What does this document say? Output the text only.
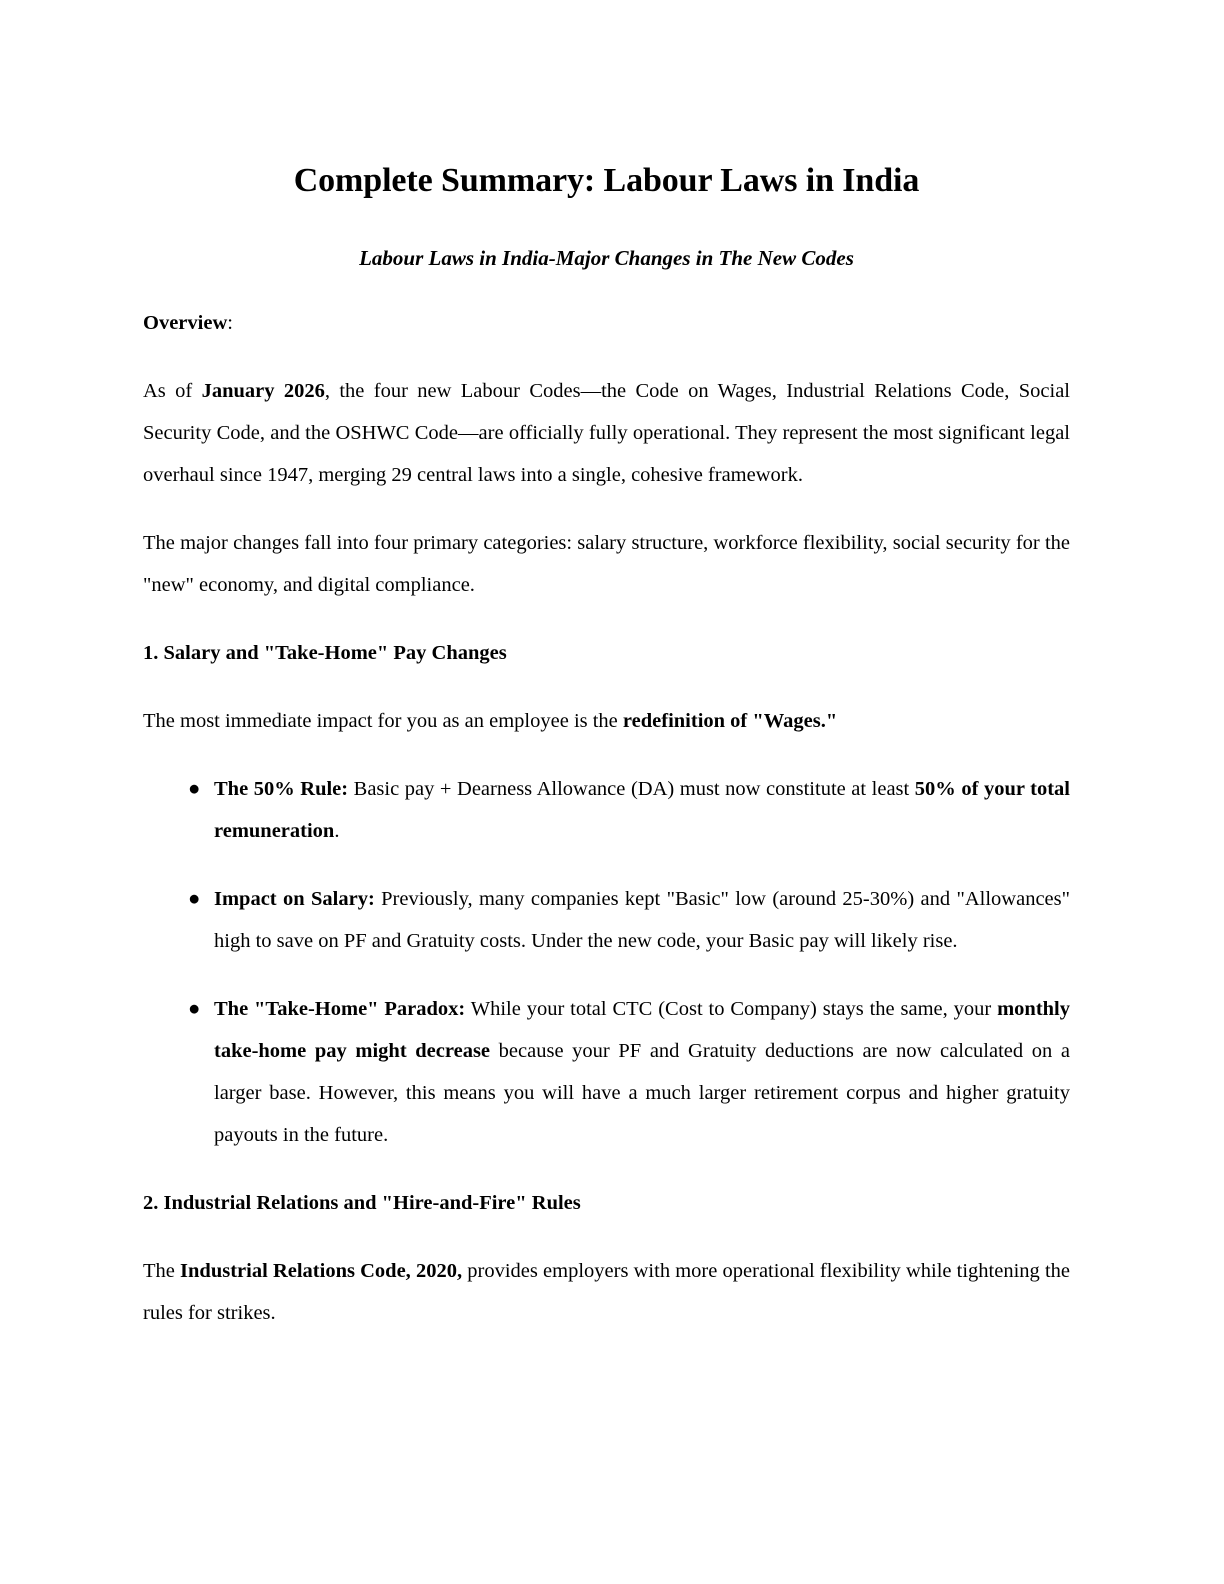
Complete Summary: Labour Laws in India

Labour Laws in India-Major Changes in The New Codes

Overview:

As of January 2026, the four new Labour Codes—the Code on Wages, Industrial Relations Code, Social Security Code, and the OSHWC Code—are officially fully operational. They represent the most significant legal overhaul since 1947, merging 29 central laws into a single, cohesive framework.

The major changes fall into four primary categories: salary structure, workforce flexibility, social security for the "new" economy, and digital compliance.

1. Salary and "Take-Home" Pay Changes

The most immediate impact for you as an employee is the redefinition of "Wages."

● The 50% Rule: Basic pay + Dearness Allowance (DA) must now constitute at least 50% of your total remuneration.
● Impact on Salary: Previously, many companies kept "Basic" low (around 25-30%) and "Allowances" high to save on PF and Gratuity costs. Under the new code, your Basic pay will likely rise.
● The "Take-Home" Paradox: While your total CTC (Cost to Company) stays the same, your monthly take-home pay might decrease because your PF and Gratuity deductions are now calculated on a larger base. However, this means you will have a much larger retirement corpus and higher gratuity payouts in the future.
2. Industrial Relations and "Hire-and-Fire" Rules

The Industrial Relations Code, 2020, provides employers with more operational flexibility while tightening the rules for strikes.
